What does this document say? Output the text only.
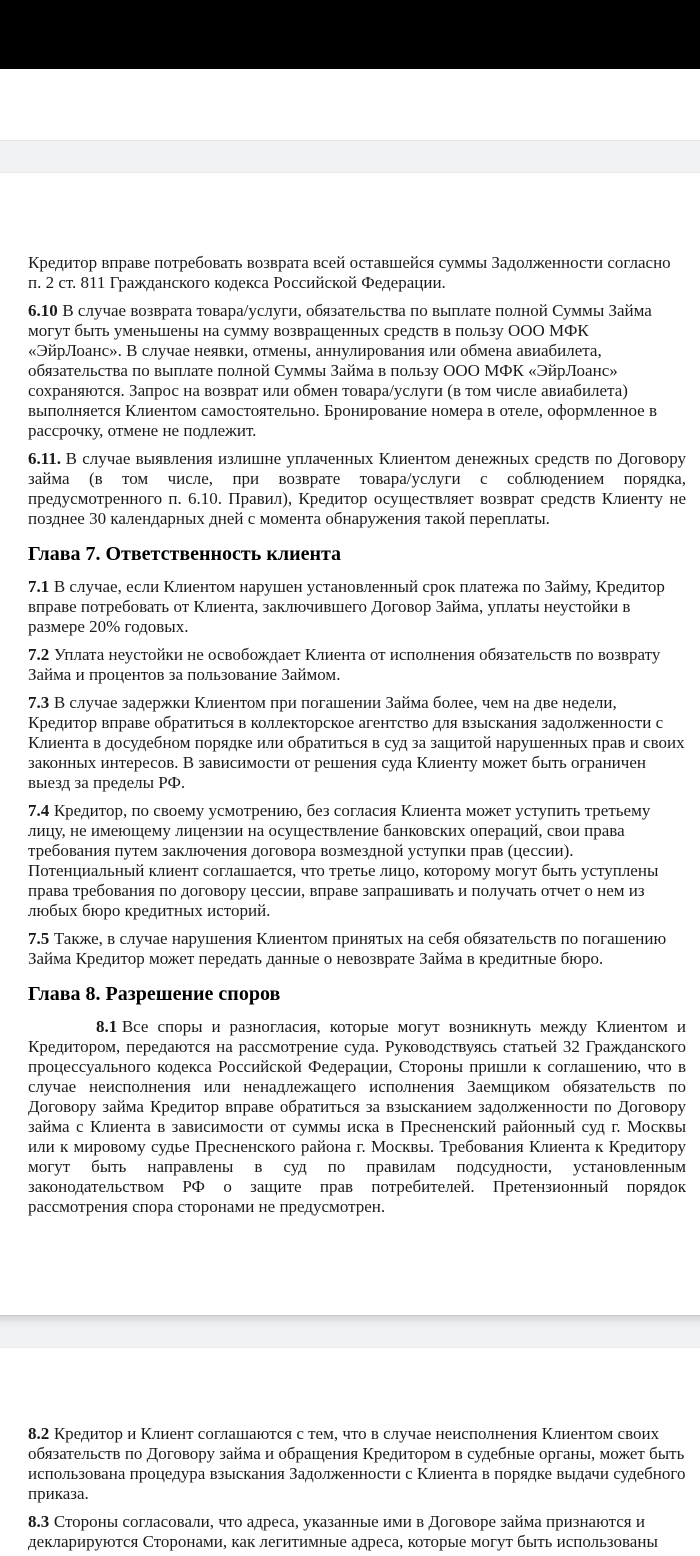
Кредитор вправе потребовать возврата всей оставшейся суммы Задолженности согласно п. 2 ст. 811 Гражданского кодекса Российской Федерации.

6.10 В случае возврата товара/услуги, обязательства по выплате полной Суммы Займа могут быть уменьшены на сумму возвращенных средств в пользу ООО МФК «ЭйрЛоанс». В случае неявки, отмены, аннулирования или обмена авиабилета, обязательства по выплате полной Суммы Займа в пользу ООО МФК «ЭйрЛоанс» сохраняются. Запрос на возврат или обмен товара/услуги (в том числе авиабилета) выполняется Клиентом самостоятельно. Бронирование номера в отеле, оформленное в рассрочку, отмене не подлежит.

6.11. В случае выявления излишне уплаченных Клиентом денежных средств по Договору займа (в том числе, при возврате товара/услуги с соблюдением порядка, предусмотренного п. 6.10. Правил), Кредитор осуществляет возврат средств Клиенту не позднее 30 календарных дней с момента обнаружения такой переплаты.

Глава 7. Ответственность клиента

7.1 В случае, если Клиентом нарушен установленный срок платежа по Займу, Кредитор вправе потребовать от Клиента, заключившего Договор Займа, уплаты неустойки в размере 20% годовых.

7.2 Уплата неустойки не освобождает Клиента от исполнения обязательств по возврату Займа и процентов за пользование Займом.

7.3 В случае задержки Клиентом при погашении Займа более, чем на две недели, Кредитор вправе обратиться в коллекторское агентство для взыскания задолженности с Клиента в досудебном порядке или обратиться в суд за защитой нарушенных прав и своих законных интересов. В зависимости от решения суда Клиенту может быть ограничен выезд за пределы РФ.

7.4 Кредитор, по своему усмотрению, без согласия Клиента может уступить третьему лицу, не имеющему лицензии на осуществление банковских операций, свои права требования путем заключения договора возмездной уступки прав (цессии). Потенциальный клиент соглашается, что третье лицо, которому могут быть уступлены права требования по договору цессии, вправе запрашивать и получать отчет о нем из любых бюро кредитных историй.

7.5 Также, в случае нарушения Клиентом принятых на себя обязательств по погашению Займа Кредитор может передать данные о невозврате Займа в кредитные бюро.

Глава 8. Разрешение споров

8.1 Все споры и разногласия, которые могут возникнуть между Клиентом и Кредитором, передаются на рассмотрение суда. Руководствуясь статьей 32 Гражданского процессуального кодекса Российской Федерации, Стороны пришли к соглашению, что в случае неисполнения или ненадлежащего исполнения Заемщиком обязательств по Договору займа Кредитор вправе обратиться за взысканием задолженности по Договору займа с Клиента в зависимости от суммы иска в Пресненский районный суд г. Москвы или к мировому судье Пресненского района г. Москвы. Требования Клиента к Кредитору могут быть направлены в суд по правилам подсудности, установленным законодательством РФ о защите прав потребителей. Претензионный порядок рассмотрения спора сторонами не предусмотрен.

8.2 Кредитор и Клиент соглашаются с тем, что в случае неисполнения Клиентом своих обязательств по Договору займа и обращения Кредитором в судебные органы, может быть использована процедура взыскания Задолженности с Клиента в порядке выдачи судебного приказа.

8.3 Стороны согласовали, что адреса, указанные ими в Договоре займа признаются и декларируются Сторонами, как легитимные адреса, которые могут быть использованы
